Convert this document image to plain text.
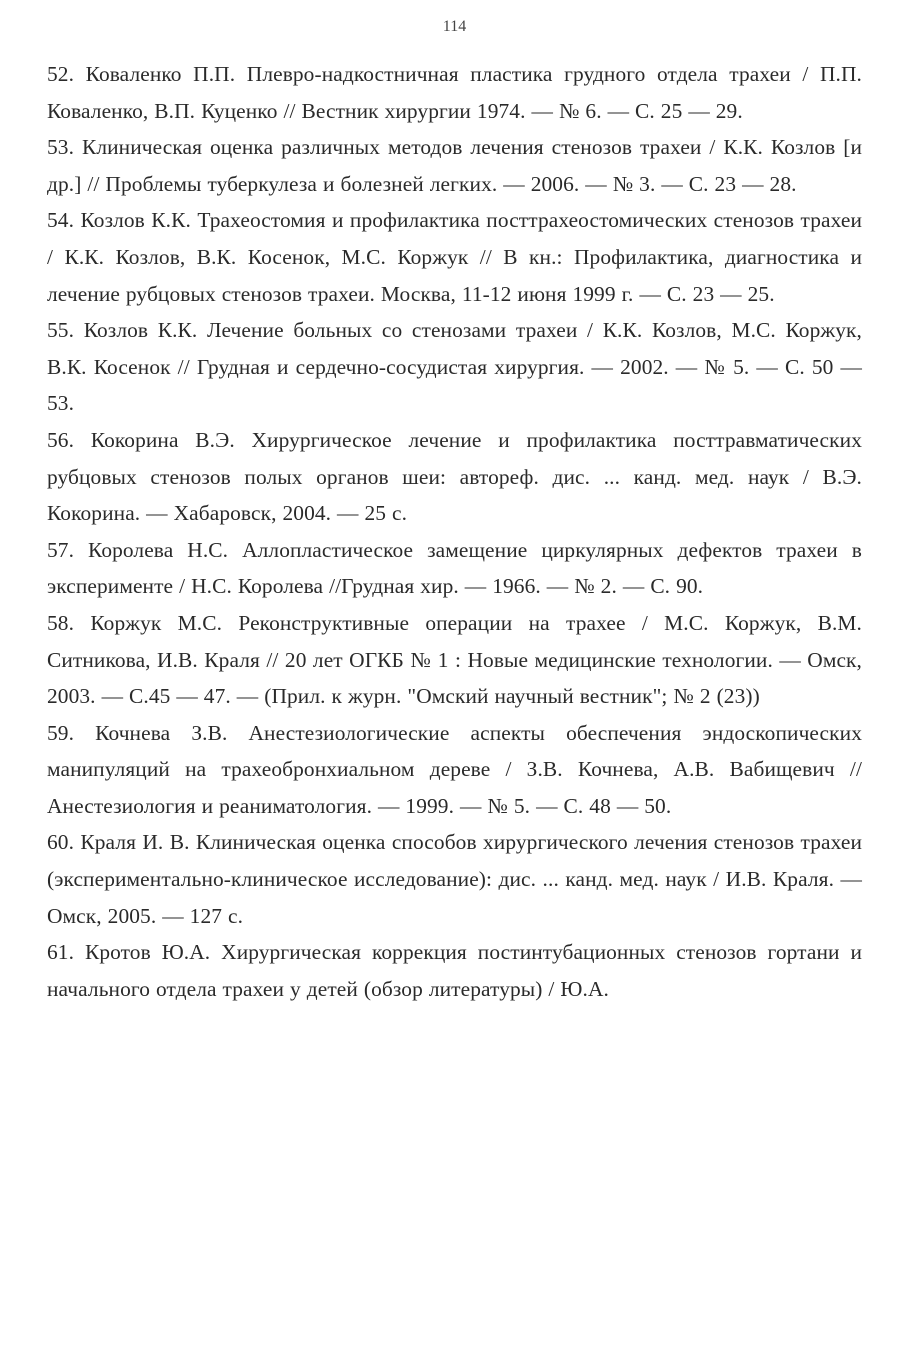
114

52. Коваленко П.П. Плевро-надкостничная пластика грудного отдела трахеи / П.П. Коваленко, В.П. Куценко // Вестник хирургии 1974. — № 6. — С. 25 — 29.

53. Клиническая оценка различных методов лечения стенозов трахеи / К.К. Козлов [и др.] // Проблемы туберкулеза и болезней легких. — 2006. — № 3. — С. 23 — 28.

54. Козлов К.К. Трахеостомия и профилактика посттрахеостомических стенозов трахеи / К.К. Козлов, В.К. Косенок, М.С. Коржук // В кн.: Профилактика, диагностика и лечение рубцовых стенозов трахеи. Москва, 11-12 июня 1999 г. — С. 23 — 25.

55. Козлов К.К. Лечение больных со стенозами трахеи / К.К. Козлов, М.С. Коржук, В.К. Косенок // Грудная и сердечно-сосудистая хирургия. — 2002. — № 5. — С. 50 — 53.

56. Кокорина В.Э. Хирургическое лечение и профилактика посттравматических рубцовых стенозов полых органов шеи: автореф. дис. ... канд. мед. наук / В.Э. Кокорина. — Хабаровск, 2004. — 25 с.

57. Королева Н.С. Аллопластическое замещение циркулярных дефектов трахеи в эксперименте / Н.С. Королева //Грудная хир. — 1966. — № 2. — С. 90.

58. Коржук М.С. Реконструктивные операции на трахее / М.С. Коржук, В.М. Ситникова, И.В. Краля // 20 лет ОГКБ № 1 : Новые медицинские технологии. — Омск, 2003. — С.45 — 47. — (Прил. к журн. "Омский научный вестник"; № 2 (23))

59. Кочнева З.В. Анестезиологические аспекты обеспечения эндоскопических манипуляций на трахеобронхиальном дереве / З.В. Кочнева, А.В. Вабищевич // Анестезиология и реаниматология. — 1999. — № 5. — С. 48 — 50.

60. Краля И. В. Клиническая оценка способов хирургического лечения стенозов трахеи (экспериментально-клиническое исследование): дис. ... канд. мед. наук / И.В. Краля. — Омск, 2005. — 127 с.

61. Кротов Ю.А. Хирургическая коррекция постинтубационных стенозов гортани и начального отдела трахеи у детей (обзор литературы) / Ю.А.
